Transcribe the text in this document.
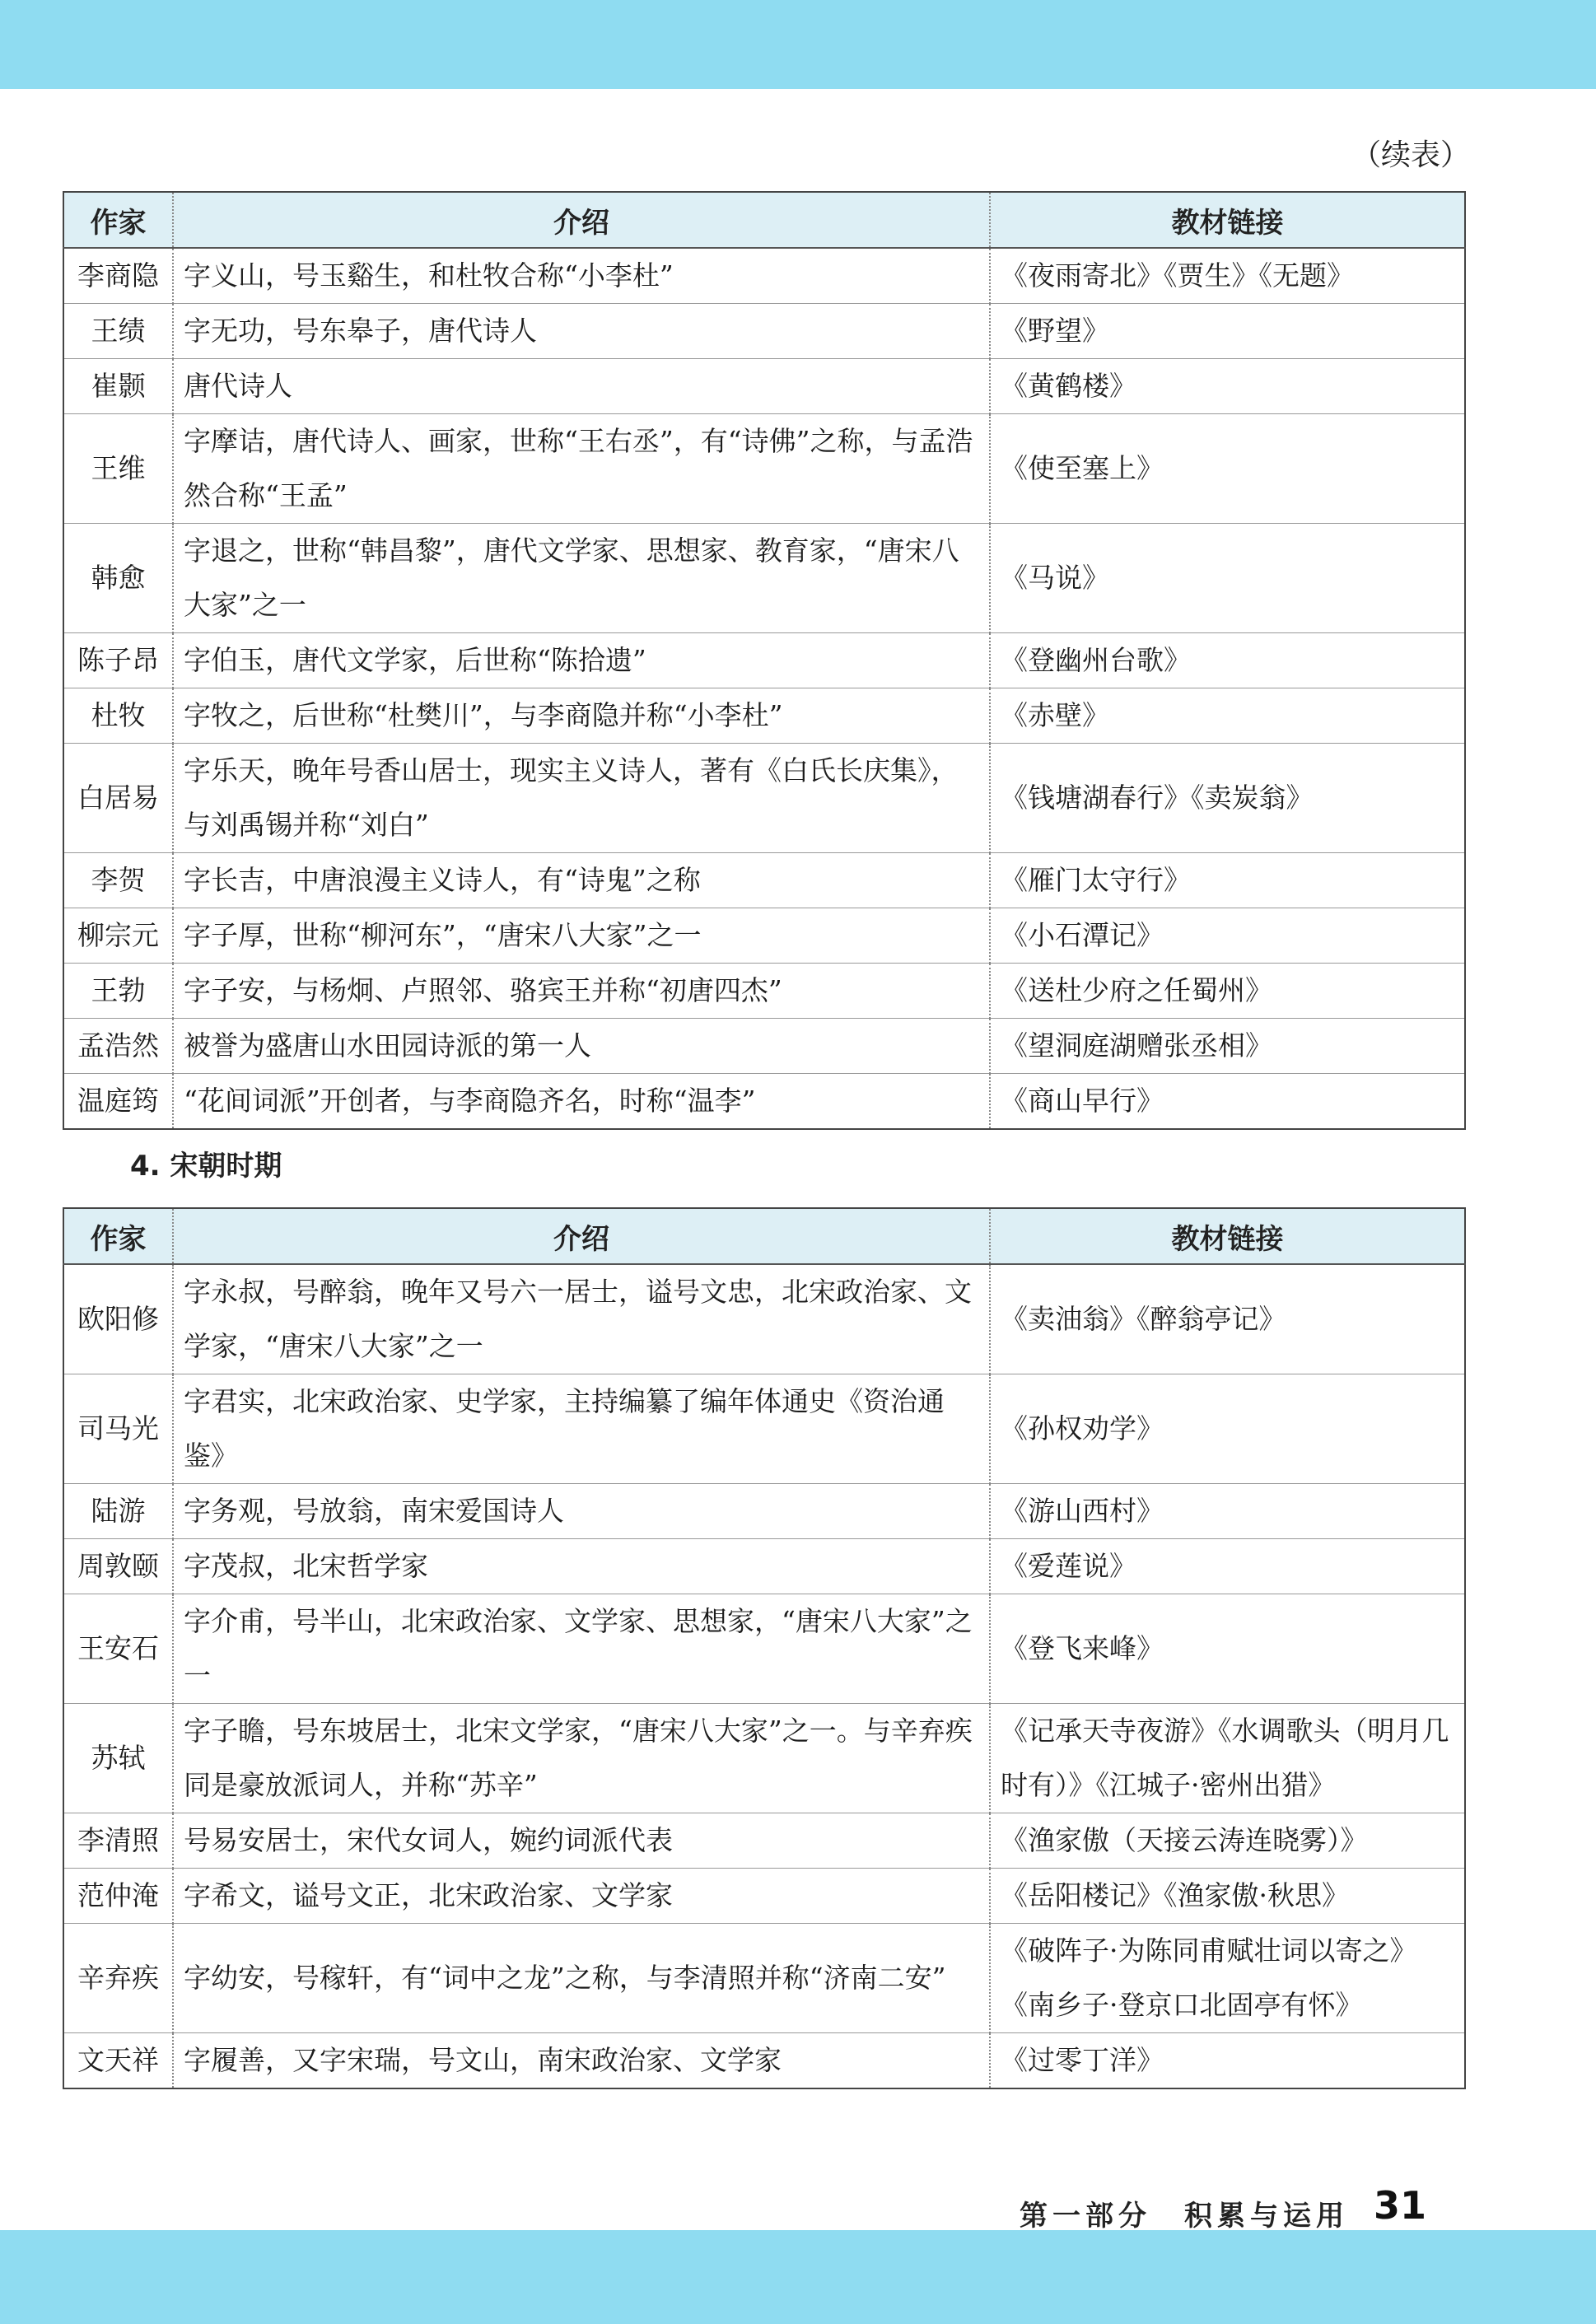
（续表）
作家	介绍	教材链接
李商隐	字义山，号玉谿生，和杜牧合称“小李杜”	《夜雨寄北》《贾生》《无题》
王绩	字无功，号东皋子，唐代诗人	《野望》
崔颢	唐代诗人	《黄鹤楼》
王维	字摩诘，唐代诗人、画家，世称“王右丞”，有“诗佛”之称，与孟浩然合称“王孟”	《使至塞上》
韩愈	字退之，世称“韩昌黎”，唐代文学家、思想家、教育家，“唐宋八大家”之一	《马说》
陈子昂	字伯玉，唐代文学家，后世称“陈拾遗”	《登幽州台歌》
杜牧	字牧之，后世称“杜樊川”，与李商隐并称“小李杜”	《赤壁》
白居易	字乐天，晚年号香山居士，现实主义诗人，著有《白氏长庆集》，与刘禹锡并称“刘白”	《钱塘湖春行》《卖炭翁》
李贺	字长吉，中唐浪漫主义诗人，有“诗鬼”之称	《雁门太守行》
柳宗元	字子厚，世称“柳河东”，“唐宋八大家”之一	《小石潭记》
王勃	字子安，与杨炯、卢照邻、骆宾王并称“初唐四杰”	《送杜少府之任蜀州》
孟浩然	被誉为盛唐山水田园诗派的第一人	《望洞庭湖赠张丞相》
温庭筠	“花间词派”开创者，与李商隐齐名，时称“温李”	《商山早行》
4. 宋朝时期
作家	介绍	教材链接
欧阳修	字永叔，号醉翁，晚年又号六一居士，谥号文忠，北宋政治家、文学家，“唐宋八大家”之一	《卖油翁》《醉翁亭记》
司马光	字君实，北宋政治家、史学家，主持编纂了编年体通史《资治通鉴》	《孙权劝学》
陆游	字务观，号放翁，南宋爱国诗人	《游山西村》
周敦颐	字茂叔，北宋哲学家	《爱莲说》
王安石	字介甫，号半山，北宋政治家、文学家、思想家，“唐宋八大家”之一	《登飞来峰》
苏轼	字子瞻，号东坡居士，北宋文学家，“唐宋八大家”之一。与辛弃疾同是豪放派词人，并称“苏辛”	《记承天寺夜游》《水调歌头（明月几时有）》《江城子·密州出猎》
李清照	号易安居士，宋代女词人，婉约词派代表	《渔家傲（天接云涛连晓雾）》
范仲淹	字希文，谥号文正，北宋政治家、文学家	《岳阳楼记》《渔家傲·秋思》
辛弃疾	字幼安，号稼轩，有“词中之龙”之称，与李清照并称“济南二安”	《破阵子·为陈同甫赋壮词以寄之》《南乡子·登京口北固亭有怀》
文天祥	字履善，又字宋瑞，号文山，南宋政治家、文学家	《过零丁洋》
第一部分　积累与运用 31
